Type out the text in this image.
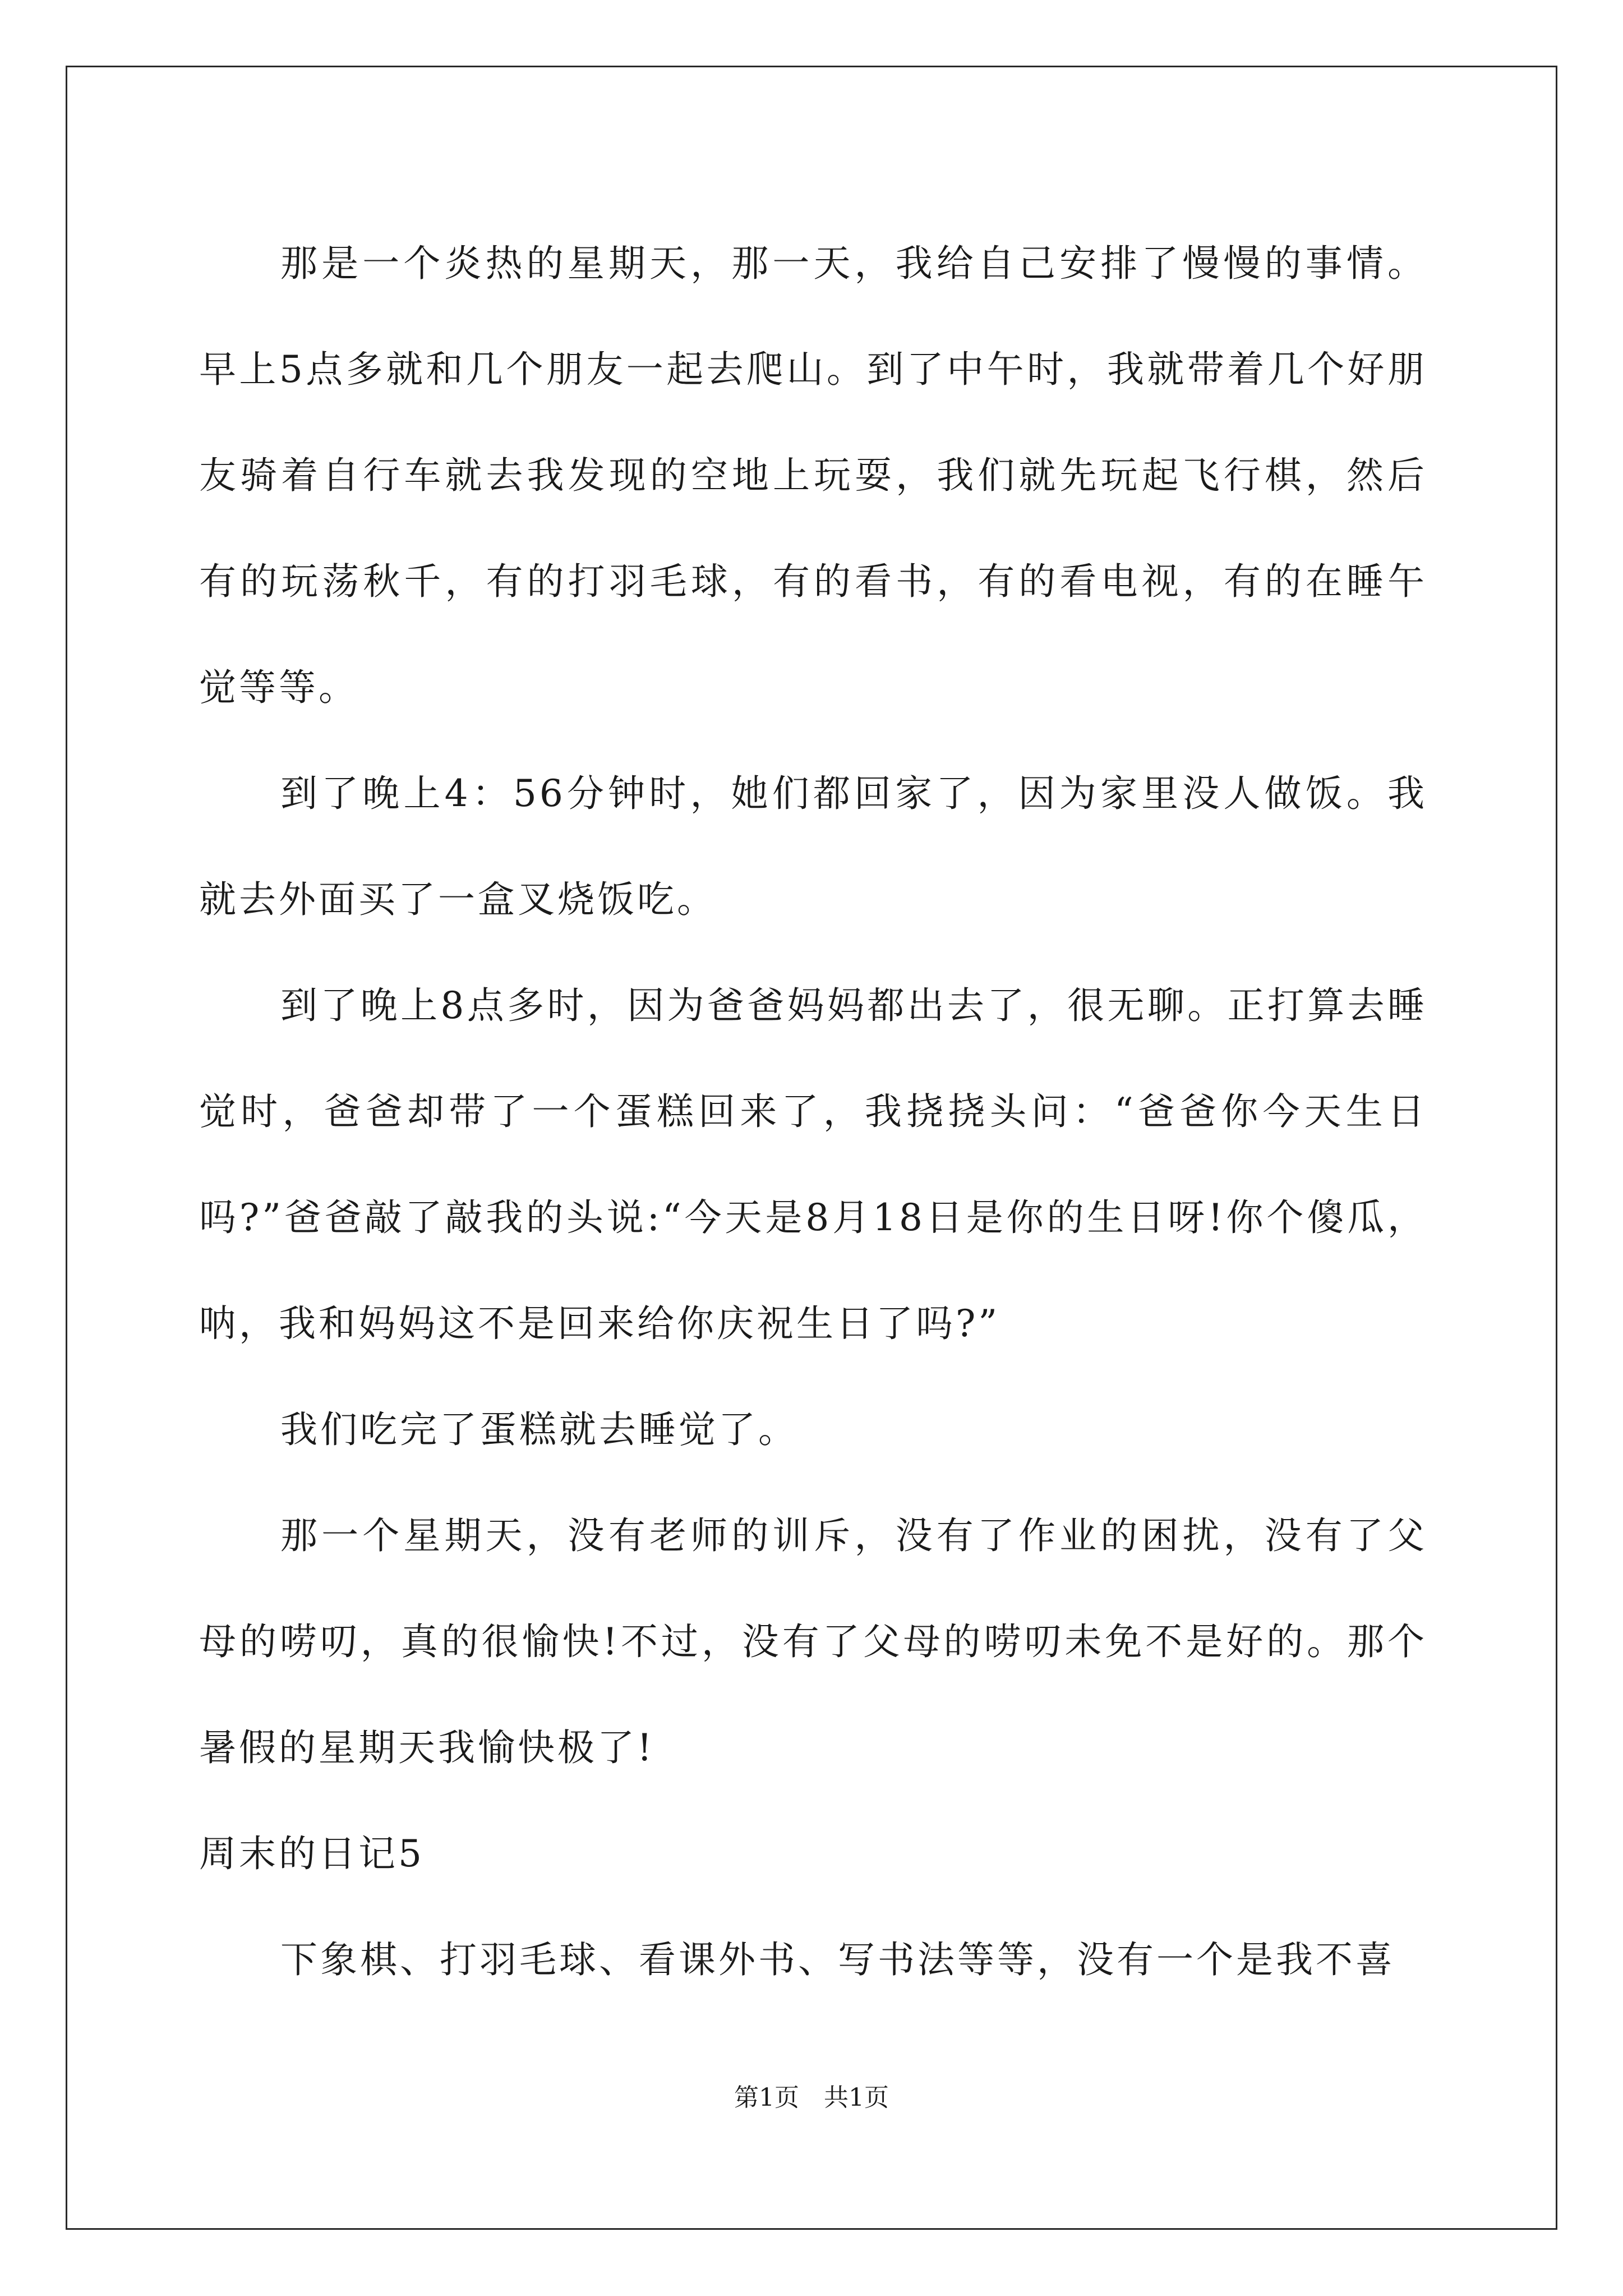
那是一个炎热的星期天，那一天，我给自己安排了慢慢的事情。早上5点多就和几个朋友一起去爬山。到了中午时，我就带着几个好朋友骑着自行车就去我发现的空地上玩耍，我们就先玩起飞行棋，然后有的玩荡秋千，有的打羽毛球，有的看书，有的看电视，有的在睡午觉等等。

到了晚上4：56分钟时，她们都回家了，因为家里没人做饭。我就去外面买了一盒叉烧饭吃。

到了晚上8点多时，因为爸爸妈妈都出去了，很无聊。正打算去睡觉时，爸爸却带了一个蛋糕回来了，我挠挠头问：“爸爸你今天生日吗?”爸爸敲了敲我的头说:“今天是8月18日是你的生日呀!你个傻瓜，呐，我和妈妈这不是回来给你庆祝生日了吗?”

我们吃完了蛋糕就去睡觉了。

那一个星期天，没有老师的训斥，没有了作业的困扰，没有了父母的唠叨，真的很愉快!不过，没有了父母的唠叨未免不是好的。那个暑假的星期天我愉快极了!

周末的日记5

下象棋、打羽毛球、看课外书、写书法等等，没有一个是我不喜

第1页　共1页
